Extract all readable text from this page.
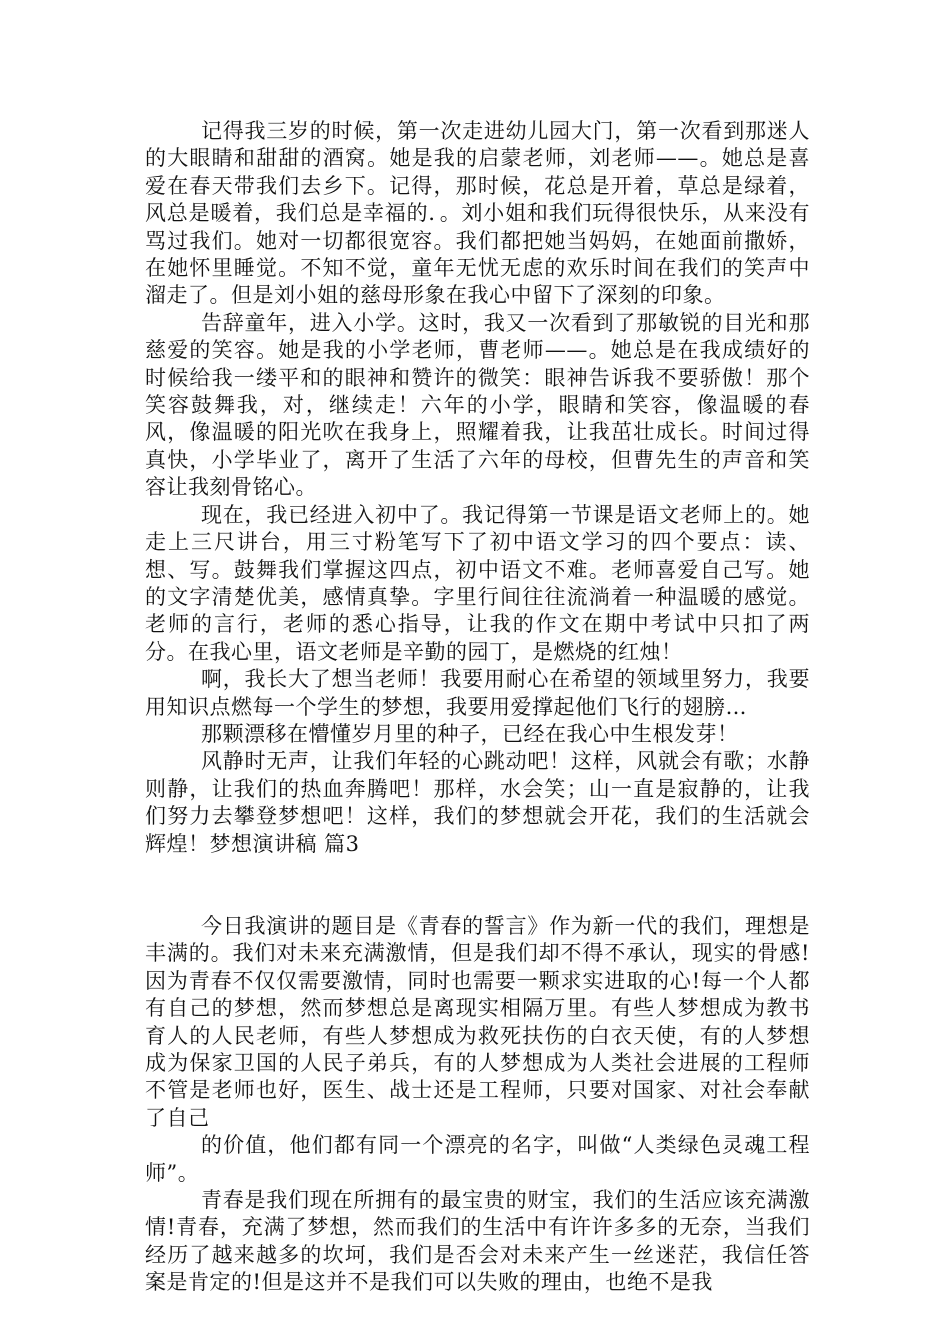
记得我三岁的时候，第一次走进幼儿园大门，第一次看到那迷人的大眼睛和甜甜的酒窝。她是我的启蒙老师，刘老师——。她总是喜爱在春天带我们去乡下。记得，那时候，花总是开着，草总是绿着，风总是暖着，我们总是幸福的．。刘小姐和我们玩得很快乐，从来没有骂过我们。她对一切都很宽容。我们都把她当妈妈，在她面前撒娇，在她怀里睡觉。不知不觉，童年无忧无虑的欢乐时间在我们的笑声中溜走了。但是刘小姐的慈母形象在我心中留下了深刻的印象。

告辞童年，进入小学。这时，我又一次看到了那敏锐的目光和那慈爱的笑容。她是我的小学老师，曹老师——。她总是在我成绩好的时候给我一缕平和的眼神和赞许的微笑：眼神告诉我不要骄傲！那个笑容鼓舞我，对，继续走！六年的小学，眼睛和笑容，像温暖的春风，像温暖的阳光吹在我身上，照耀着我，让我茁壮成长。时间过得真快，小学毕业了，离开了生活了六年的母校，但曹先生的声音和笑容让我刻骨铭心。

现在，我已经进入初中了。我记得第一节课是语文老师上的。她走上三尺讲台，用三寸粉笔写下了初中语文学习的四个要点：读、想、写。鼓舞我们掌握这四点，初中语文不难。老师喜爱自己写。她的文字清楚优美，感情真挚。字里行间往往流淌着一种温暖的感觉。老师的言行，老师的悉心指导，让我的作文在期中考试中只扣了两分。在我心里，语文老师是辛勤的园丁，是燃烧的红烛！

啊，我长大了想当老师！我要用耐心在希望的领域里努力，我要用知识点燃每一个学生的梦想，我要用爱撑起他们飞行的翅膀…

那颗漂移在懵懂岁月里的种子，已经在我心中生根发芽！

风静时无声，让我们年轻的心跳动吧！这样，风就会有歌；水静则静，让我们的热血奔腾吧！那样，水会笑；山一直是寂静的，让我们努力去攀登梦想吧！这样，我们的梦想就会开花，我们的生活就会辉煌！梦想演讲稿 篇3

今日我演讲的题目是《青春的誓言》作为新一代的我们，理想是丰满的。我们对未来充满激情，但是我们却不得不承认，现实的骨感!因为青春不仅仅需要激情，同时也需要一颗求实进取的心!每一个人都有自己的梦想，然而梦想总是离现实相隔万里。有些人梦想成为教书育人的人民老师，有些人梦想成为救死扶伤的白衣天使，有的人梦想成为保家卫国的人民子弟兵，有的人梦想成为人类社会进展的工程师不管是老师也好，医生、战士还是工程师，只要对国家、对社会奉献了自己

的价值，他们都有同一个漂亮的名字，叫做“人类绿色灵魂工程师”。

青春是我们现在所拥有的最宝贵的财宝，我们的生活应该充满激情!青春，充满了梦想，然而我们的生活中有许许多多的无奈，当我们经历了越来越多的坎坷，我们是否会对未来产生一丝迷茫，我信任答案是肯定的!但是这并不是我们可以失败的理由，也绝不是我
